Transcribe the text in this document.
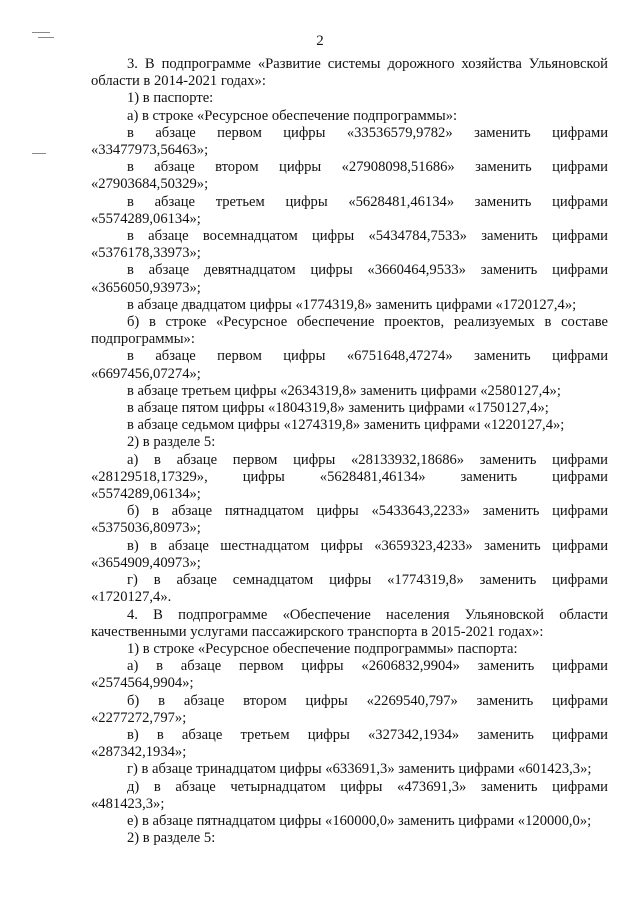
2
3. В подпрограмме «Развитие системы дорожного хозяйства Ульяновской
области в 2014-2021 годах»:
1) в паспорте:
а) в строке «Ресурсное обеспечение подпрограммы»:
в абзаце первом цифры «33536579,9782» заменить цифрами
«33477973,56463»;
в абзаце втором цифры «27908098,51686» заменить цифрами
«27903684,50329»;
в абзаце третьем цифры «5628481,46134» заменить цифрами
«5574289,06134»;
в абзаце восемнадцатом цифры «5434784,7533» заменить цифрами
«5376178,33973»;
в абзаце девятнадцатом цифры «3660464,9533» заменить цифрами
«3656050,93973»;
в абзаце двадцатом цифры «1774319,8» заменить цифрами «1720127,4»;
б) в строке «Ресурсное обеспечение проектов, реализуемых в составе
подпрограммы»:
в абзаце первом цифры «6751648,47274» заменить цифрами
«6697456,07274»;
в абзаце третьем цифры «2634319,8» заменить цифрами «2580127,4»;
в абзаце пятом цифры «1804319,8» заменить цифрами «1750127,4»;
в абзаце седьмом цифры «1274319,8» заменить цифрами «1220127,4»;
2) в разделе 5:
а) в абзаце первом цифры «28133932,18686» заменить цифрами
«28129518,17329», цифры «5628481,46134» заменить цифрами
«5574289,06134»;
б) в абзаце пятнадцатом цифры «5433643,2233» заменить цифрами
«5375036,80973»;
в) в абзаце шестнадцатом цифры «3659323,4233» заменить цифрами
«3654909,40973»;
г) в абзаце семнадцатом цифры «1774319,8» заменить цифрами
«1720127,4».
4. В подпрограмме «Обеспечение населения Ульяновской области
качественными услугами пассажирского транспорта в 2015-2021 годах»:
1) в строке «Ресурсное обеспечение подпрограммы» паспорта:
а) в абзаце первом цифры «2606832,9904» заменить цифрами
«2574564,9904»;
б) в абзаце втором цифры «2269540,797» заменить цифрами
«2277272,797»;
в) в абзаце третьем цифры «327342,1934» заменить цифрами
«287342,1934»;
г) в абзаце тринадцатом цифры «633691,3» заменить цифрами «601423,3»;
д) в абзаце четырнадцатом цифры «473691,3» заменить цифрами
«481423,3»;
е) в абзаце пятнадцатом цифры «160000,0» заменить цифрами «120000,0»;
2) в разделе 5:
